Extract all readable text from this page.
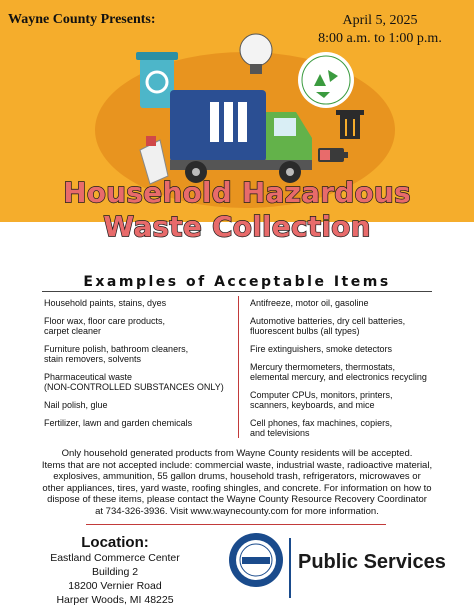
Wayne County Presents:	April 5, 2025
8:00 a.m. to 1:00 p.m.
Household Hazardous
Waste Collection
Examples of Acceptable Items
Household paints, stains, dyes
Floor wax, floor care products,
carpet cleaner
Furniture polish, bathroom cleaners,
stain removers, solvents
Pharmaceutical waste
(NON-CONTROLLED SUBSTANCES ONLY)
Nail polish, glue
Fertilizer, lawn and garden chemicals
Antifreeze, motor oil, gasoline
Automotive batteries, dry cell batteries,
fluorescent bulbs (all types)
Fire extinguishers, smoke detectors
Mercury thermometers, thermostats,
elemental mercury, and electronics recycling
Computer CPUs, monitors, printers,
scanners, keyboards, and mice
Cell phones, fax machines, copiers,
and televisions
Only household generated products from Wayne County residents will be accepted.
Items that are not accepted include: commercial waste, industrial waste, radioactive material,
explosives, ammunition, 55 gallon drums, household trash, refrigerators, microwaves or
other appliances, tires, yard waste, roofing shingles, and concrete. For information on how to
dispose of these items, please contact the Wayne County Resource Recovery Coordinator
at 734-326-3936. Visit www.waynecounty.com for more information.
Location:
Eastland Commerce Center
Building 2
18200 Vernier Road
Harper Woods, MI 48225
Public Services
